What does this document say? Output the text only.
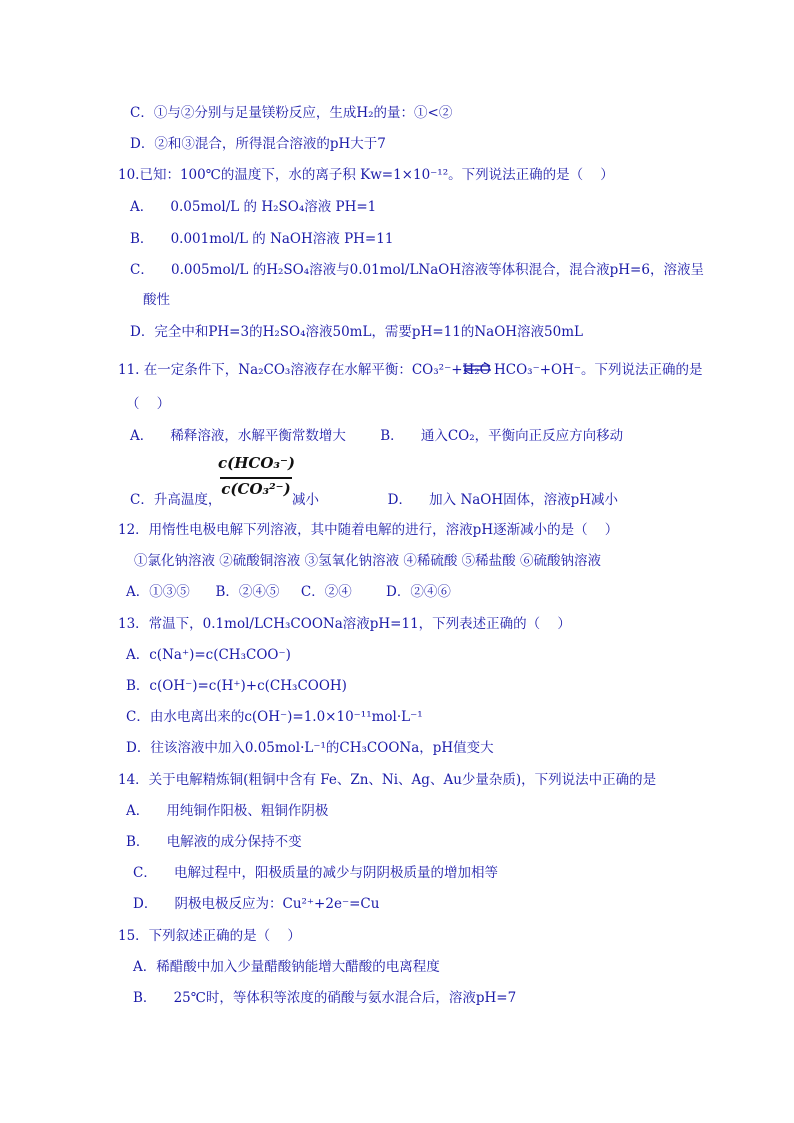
C．①与②分别与足量镁粉反应，生成H₂的量：①<②
D．②和③混合，所得混合溶液的pH大于7
10.已知：100℃的温度下，水的离子积 Kw=1×10⁻¹²。下列说法正确的是（    ）
A．    0.05mol/L 的 H₂SO₄溶液 PH=1
B．    0.001mol/L 的 NaOH溶液 PH=11
C．    0.005mol/L 的H₂SO₄溶液与0.01mol/LNaOH溶液等体积混合，混合液pH=6，溶液呈
酸性
D．完全中和PH=3的H₂SO₄溶液50mL，需要pH=11的NaOH溶液50mL
11. 在一定条件下，Na₂CO₃溶液存在水解平衡：CO₃²⁻+H₂O ⇌ HCO₃⁻+OH⁻。下列说法正确的是
（    ）
A．    稀释溶液，水解平衡常数增大        B．    通入CO₂，平衡向正反应方向移动
C．升高温度，
c(HCO₃⁻)
c(CO₃²⁻)
减小                D．    加入 NaOH固体，溶液pH减小
12．用惰性电极电解下列溶液，其中随着电解的进行，溶液pH逐渐减小的是（    ）
①氯化钠溶液 ②硫酸铜溶液 ③氢氧化钠溶液 ④稀硫酸 ⑤稀盐酸 ⑥硫酸钠溶液
A．①③⑤      B．②④⑤     C．②④        D．②④⑥
13．常温下，0.1mol/LCH₃COONa溶液pH=11，下列表述正确的（    ）
A．c(Na⁺)=c(CH₃COO⁻)
B．c(OH⁻)=c(H⁺)+c(CH₃COOH)
C．由水电离出来的c(OH⁻)=1.0×10⁻¹¹mol·L⁻¹
D．往该溶液中加入0.05mol·L⁻¹的CH₃COONa，pH值变大
14．关于电解精炼铜(粗铜中含有 Fe、Zn、Ni、Ag、Au少量杂质)，下列说法中正确的是
A．    用纯铜作阳极、粗铜作阴极
B．    电解液的成分保持不变
C．    电解过程中，阳极质量的减少与阴阴极质量的增加相等
D．    阴极电极反应为：Cu²⁺+2e⁻=Cu
15．下列叙述正确的是（    ）
A．稀醋酸中加入少量醋酸钠能增大醋酸的电离程度
B．    25℃时，等体积等浓度的硝酸与氨水混合后，溶液pH=7
